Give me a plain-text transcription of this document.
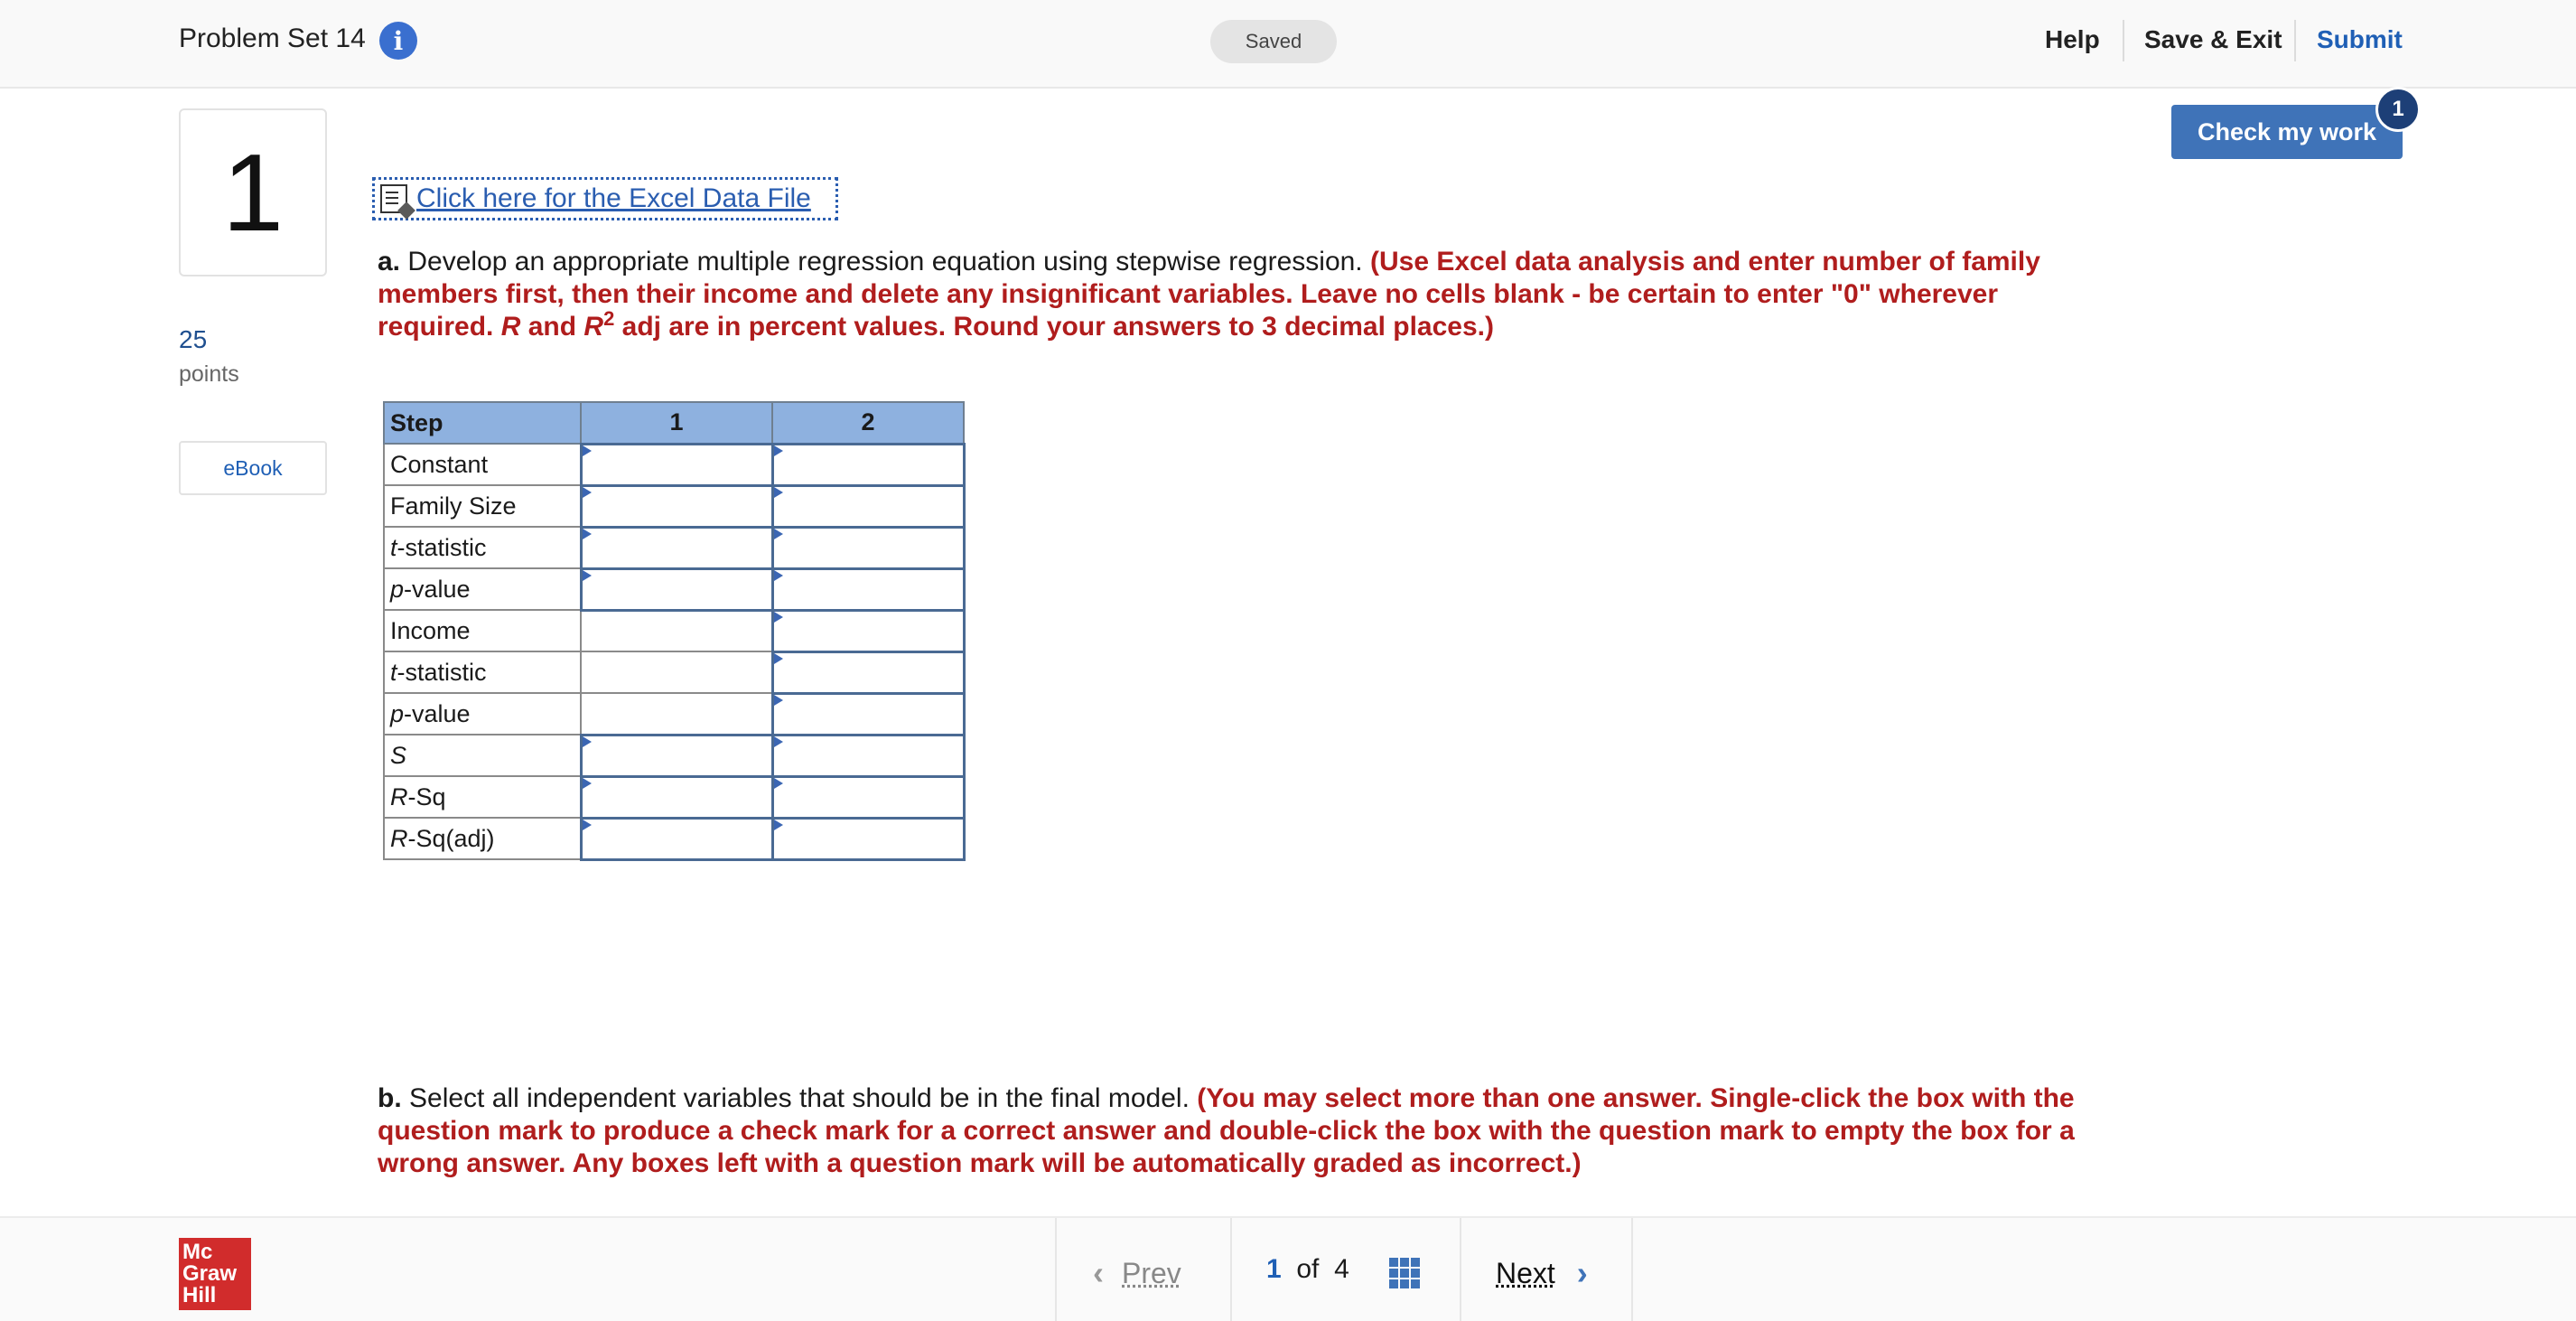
Problem Set 14	i	Saved	Help Save & Exit Submit
1
25
points
eBook
Check my work
1
Click here for the Excel Data File
a. Develop an appropriate multiple regression equation using stepwise regression. (Use Excel data analysis and enter number of family members first, then their income and delete any insignificant variables. Leave no cells blank - be certain to enter "0" wherever required. R and $R^2$ adj are in percent values. Round your answers to 3 decimal places.)
Step	1	2
Constant		
Family Size		
t-statistic		
p-value		
Income		
t-statistic		
p-value		
S		
R-Sq		
R-Sq(adj)		
b. Select all independent variables that should be in the final model. (You may select more than one answer. Single-click the box with the question mark to produce a check mark for a correct answer and double-click the box with the question mark to empty the box for a wrong answer. Any boxes left with a question mark will be automatically graded as incorrect.)
Mc
Graw
Hill
‹ Prev	1 of 4	Next ›
